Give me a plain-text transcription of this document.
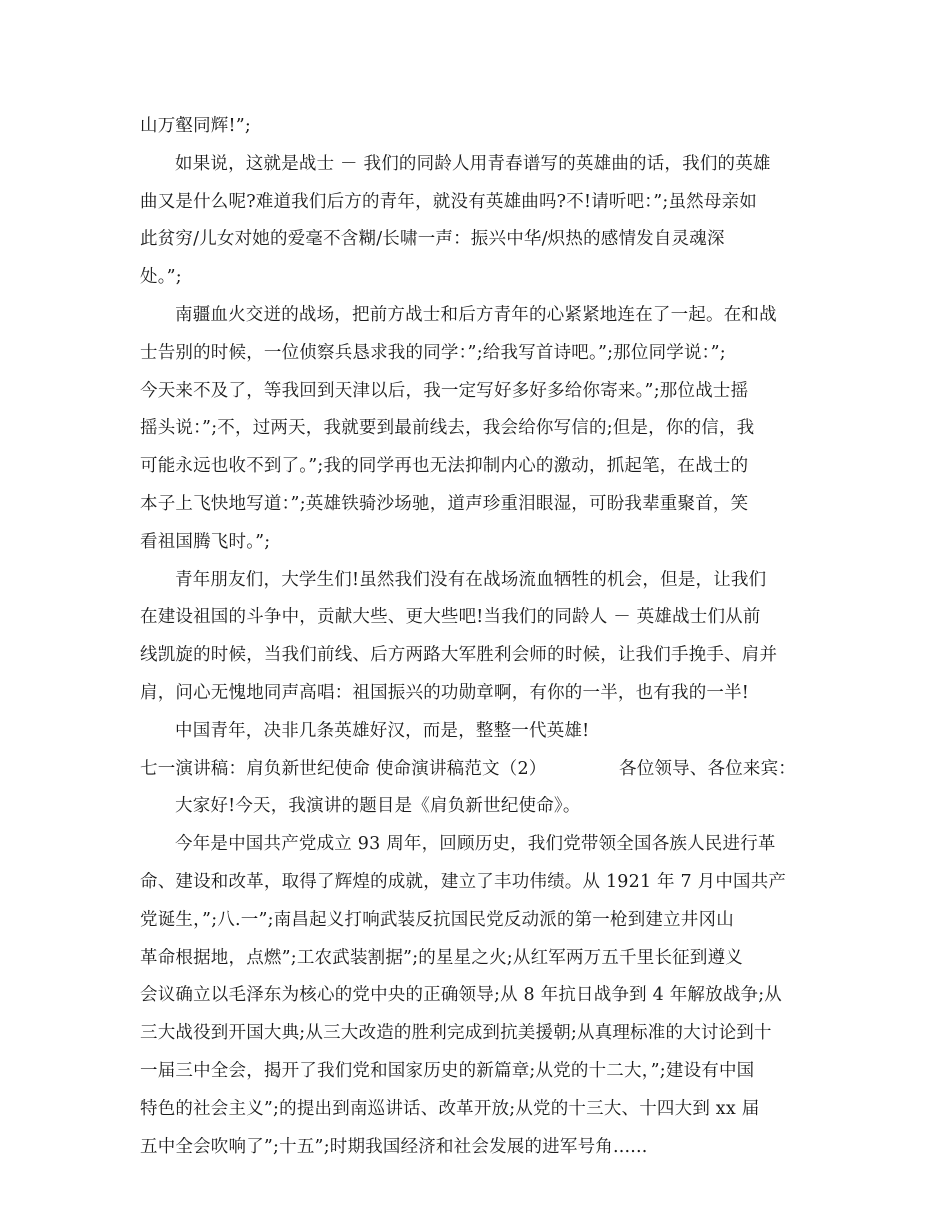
山万壑同辉!”;
如果说，这就是战士 － 我们的同龄人用青春谱写的英雄曲的话，我们的英雄
曲又是什么呢?难道我们后方的青年，就没有英雄曲吗?不!请听吧：”;虽然母亲如
此贫穷/儿女对她的爱毫不含糊/长啸一声：振兴中华/炽热的感情发自灵魂深
处。”;
南疆血火交迸的战场，把前方战士和后方青年的心紧紧地连在了一起。在和战
士告别的时候，一位侦察兵恳求我的同学：”;给我写首诗吧。”;那位同学说：”;
今天来不及了，等我回到天津以后，我一定写好多好多给你寄来。”;那位战士摇
摇头说：”;不，过两天，我就要到最前线去，我会给你写信的;但是，你的信，我
可能永远也收不到了。”;我的同学再也无法抑制内心的激动，抓起笔，在战士的
本子上飞快地写道：”;英雄铁骑沙场驰，道声珍重泪眼湿，可盼我辈重聚首，笑
看祖国腾飞时。”;
青年朋友们，大学生们!虽然我们没有在战场流血牺牲的机会，但是，让我们
在建设祖国的斗争中，贡献大些、更大些吧!当我们的同龄人 － 英雄战士们从前
线凯旋的时候，当我们前线、后方两路大军胜利会师的时候，让我们手挽手、肩并
肩，问心无愧地同声高唱：祖国振兴的功勋章啊，有你的一半，也有我的一半!
中国青年，决非几条英雄好汉，而是，整整一代英雄!
七一演讲稿：肩负新世纪使命 使命演讲稿范文（2）	各位领导、各位来宾：
大家好!今天，我演讲的题目是《肩负新世纪使命》。
今年是中国共产党成立 93 周年，回顾历史，我们党带领全国各族人民进行革
命、建设和改革，取得了辉煌的成就，建立了丰功伟绩。从 1921 年 7 月中国共产
党诞生，”;八.一”;南昌起义打响武装反抗国民党反动派的第一枪到建立井冈山
革命根据地，点燃”;工农武装割据”;的星星之火;从红军两万五千里长征到遵义
会议确立以毛泽东为核心的党中央的正确领导;从 8 年抗日战争到 4 年解放战争;从
三大战役到开国大典;从三大改造的胜利完成到抗美援朝;从真理标准的大讨论到十
一届三中全会，揭开了我们党和国家历史的新篇章;从党的十二大，”;建设有中国
特色的社会主义”;的提出到南巡讲话、改革开放;从党的十三大、十四大到 xx 届
五中全会吹响了”;十五”;时期我国经济和社会发展的进军号角......
